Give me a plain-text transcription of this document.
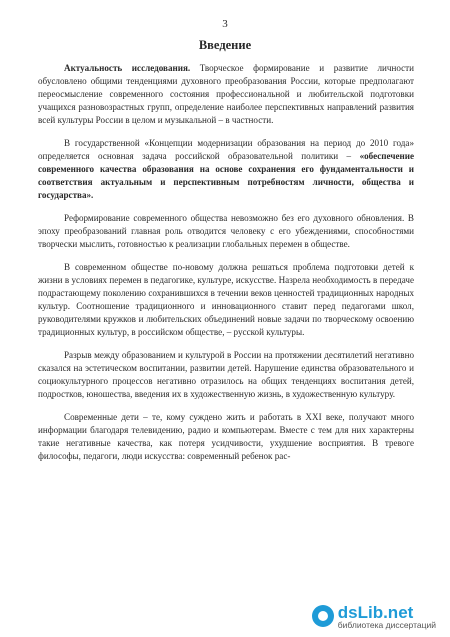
3
Введение

Актуальность исследования. Творческое формирование и развитие личности обусловлено общими тенденциями духовного преобразования России, которые предполагают переосмысление современного состояния профессиональной и любительской подготовки учащихся разновозрастных групп, определение наиболее перспективных направлений развития всей культуры России в целом и музыкальной – в частности.

В государственной «Концепции модернизации образования на период до 2010 года» определяется основная задача российской образовательной политики – «обеспечение современного качества образования на основе сохранения его фундаментальности и соответствия актуальным и перспективным потребностям личности, общества и государства».

Реформирование современного общества невозможно без его духовного обновления. В эпоху преобразований главная роль отводится человеку с его убеждениями, способностями творчески мыслить, готовностью к реализации глобальных перемен в обществе.

В современном обществе по-новому должна решаться проблема подготовки детей к жизни в условиях перемен в педагогике, культуре, искусстве. Назрела необходимость в передаче подрастающему поколению сохранившихся в течении веков ценностей традиционных народных культур. Соотношение традиционного и инновационного ставит перед педагогами школ, руководителями кружков и любительских объединений новые задачи по творческому освоению традиционных культур, в российском обществе, – русской культуры.

Разрыв между образованием и культурой в России на протяжении десятилетий негативно сказался на эстетическом воспитании, развитии детей. Нарушение единства образовательного и социокультурного процессов негативно отразилось на общих тенденциях воспитания детей, подростков, юношества, введения их в художественную жизнь, в художественную культуру.

Современные дети – те, кому суждено жить и работать в XXI веке, получают много информации благодаря телевидению, радио и компьютерам. Вместе с тем для них характерны такие негативные качества, как потеря усидчивости, ухудшение восприятия. В тревоге философы, педагоги, люди искусства: современный ребенок рас-

dsLib.net
библиотека диссертаций
